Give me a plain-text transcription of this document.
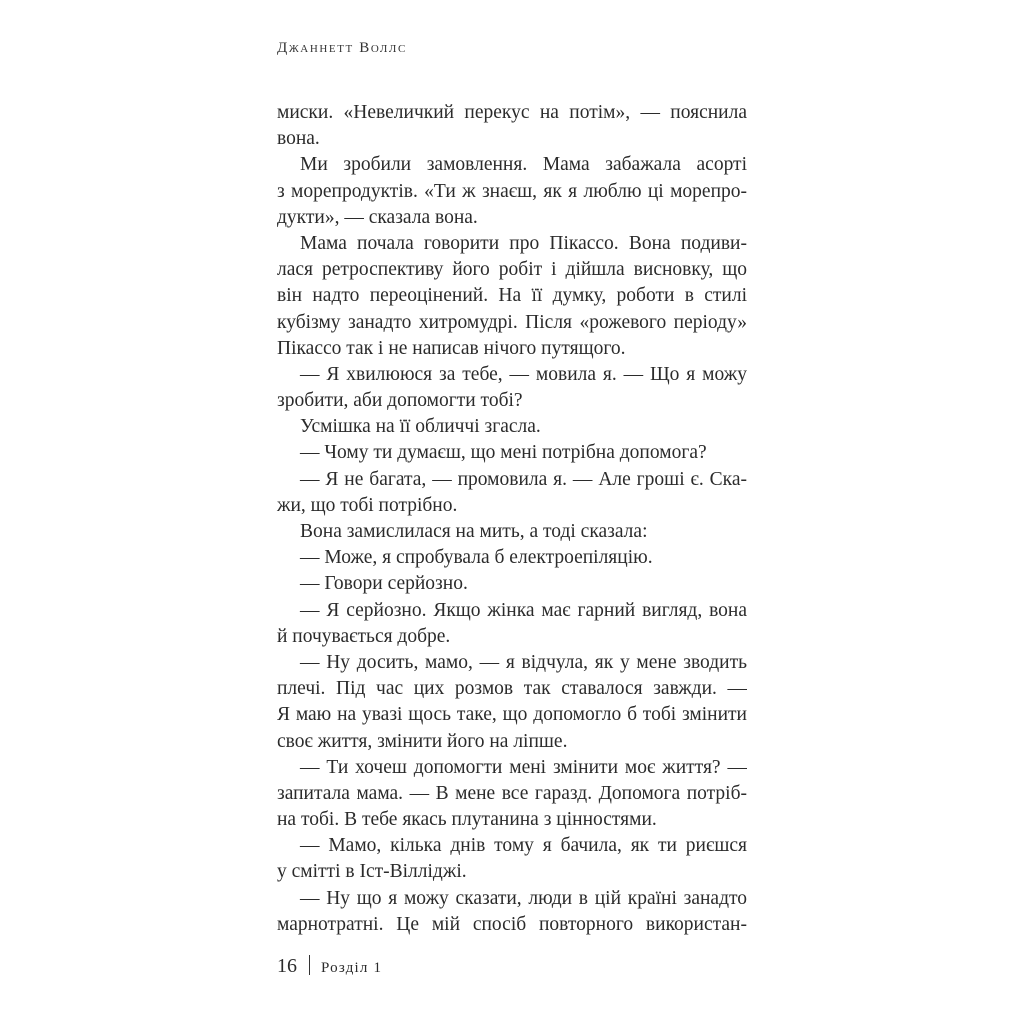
Джаннетт Воллс
миски. «Невеличкий перекус на потім», — пояснила
вона.
Ми зробили замовлення. Мама забажала асорті
з морепродуктів. «Ти ж знаєш, як я люблю ці морепро-
дукти», — сказала вона.
Мама почала говорити про Пікассо. Вона подиви-
лася ретроспективу його робіт і дійшла висновку, що
він надто переоцінений. На її думку, роботи в стилі
кубізму занадто хитромудрі. Після «рожевого періоду»
Пікассо так і не написав нічого путящого.
— Я хвилююся за тебе, — мовила я. — Що я можу
зробити, аби допомогти тобі?
Усмішка на її обличчі згасла.
— Чому ти думаєш, що мені потрібна допомога?
— Я не багата, — промовила я. — Але гроші є. Ска-
жи, що тобі потрібно.
Вона замислилася на мить, а тоді сказала:
— Може, я спробувала б електроепіляцію.
— Говори серйозно.
— Я серйозно. Якщо жінка має гарний вигляд, вона
й почувається добре.
— Ну досить, мамо, — я відчула, як у мене зводить
плечі. Під час цих розмов так ставалося завжди. —
Я маю на увазі щось таке, що допомогло б тобі змінити
своє життя, змінити його на ліпше.
— Ти хочеш допомогти мені змінити моє життя? —
запитала мама. — В мене все гаразд. Допомога потріб-
на тобі. В тебе якась плутанина з цінностями.
— Мамо, кілька днів тому я бачила, як ти риєшся
у смітті в Іст-Вілліджі.
— Ну що я можу сказати, люди в цій країні занадто
марнотратні. Це мій спосіб повторного використан-
16 Розділ 1
